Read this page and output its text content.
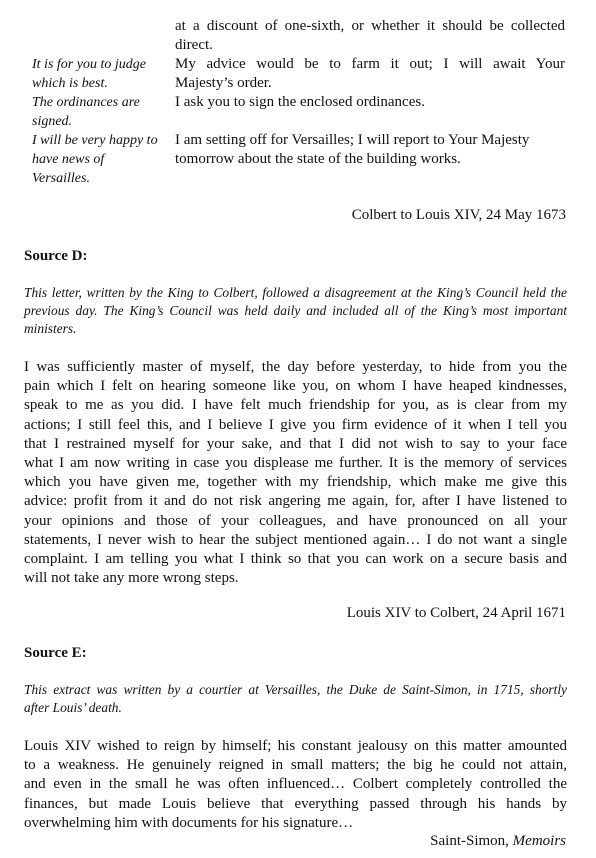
at a discount of one-sixth, or whether it should be collected
direct.
My advice would be to farm it out; I will await Your
Majesty’s order.
I ask you to sign the enclosed ordinances.
I am setting off for Versailles; I will report to Your Majesty
tomorrow about the state of the building works.
It is for you to judge
which is best.
The ordinances are
signed.
I will be very happy to
have news of
Versailles.
Colbert to Louis XIV, 24 May 1673
Source D:
This letter, written by the King to Colbert, followed a disagreement at the King’s Council held the
previous day. The King’s Council was held daily and included all of the King’s most important
ministers.
I was sufficiently master of myself, the day before yesterday, to hide from you the
pain which I felt on hearing someone like you, on whom I have heaped kindnesses,
speak to me as you did. I have felt much friendship for you, as is clear from my
actions; I still feel this, and I believe I give you firm evidence of it when I tell you
that I restrained myself for your sake, and that I did not wish to say to your face
what I am now writing in case you displease me further. It is the memory of services
which you have given me, together with my friendship, which make me give this
advice: profit from it and do not risk angering me again, for, after I have listened to
your opinions and those of your colleagues, and have pronounced on all your
statements, I never wish to hear the subject mentioned again… I do not want a single
complaint. I am telling you what I think so that you can work on a secure basis and
will not take any more wrong steps.
Louis XIV to Colbert, 24 April 1671
Source E:
This extract was written by a courtier at Versailles, the Duke de Saint-Simon, in 1715, shortly
after Louis’ death.
Louis XIV wished to reign by himself; his constant jealousy on this matter amounted
to a weakness. He genuinely reigned in small matters; the big he could not attain,
and even in the small he was often influenced… Colbert completely controlled the
finances, but made Louis believe that everything passed through his hands by
overwhelming him with documents for his signature…
Saint-Simon, Memoirs
